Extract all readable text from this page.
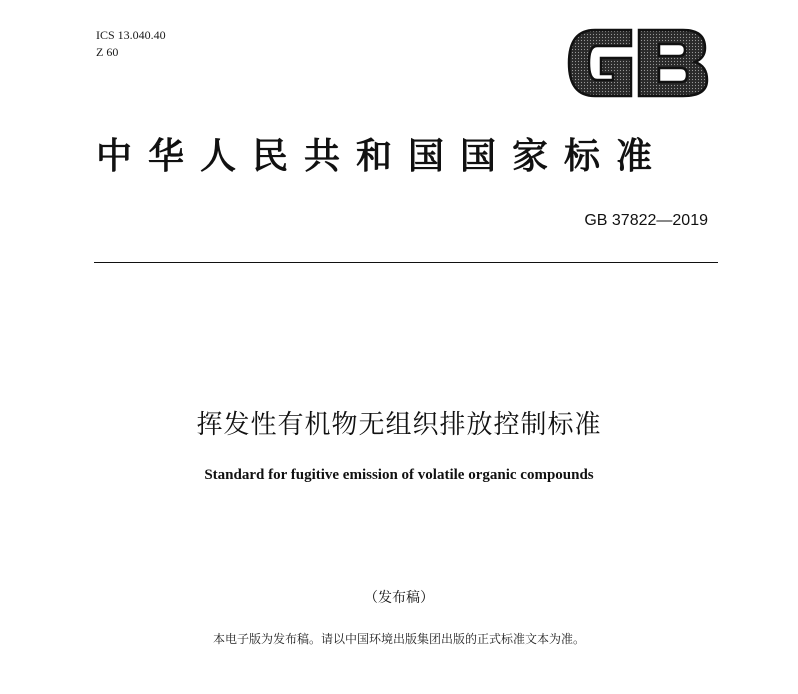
ICS 13.040.40
Z 60
GB
中华人民共和国国家标准
GB 37822—2019
挥发性有机物无组织排放控制标准
Standard for fugitive emission of volatile organic compounds
（发布稿）
本电子版为发布稿。请以中国环境出版集团出版的正式标准文本为准。
